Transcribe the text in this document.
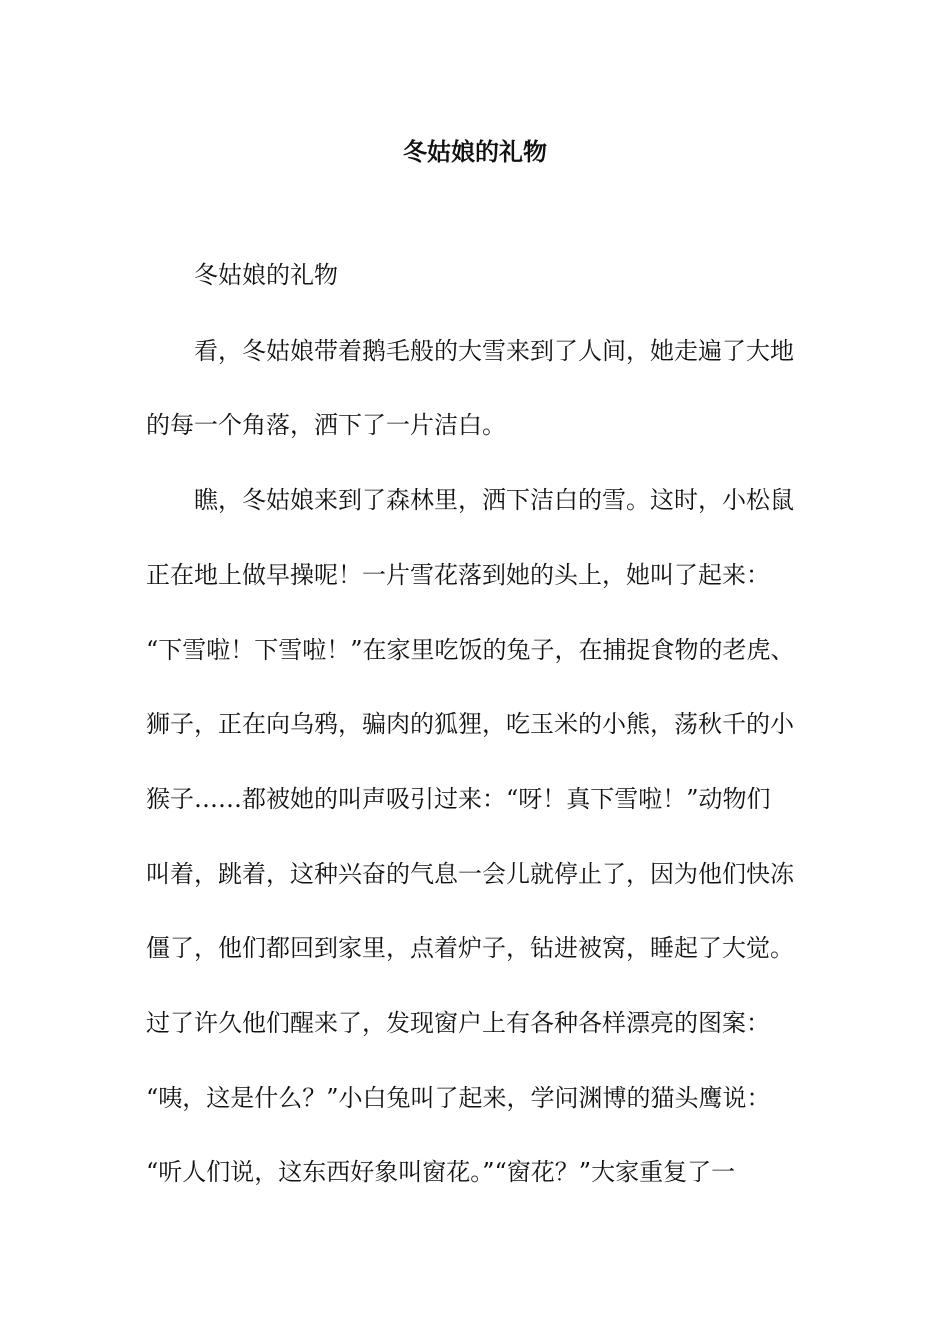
冬姑娘的礼物
冬姑娘的礼物
看，冬姑娘带着鹅毛般的大雪来到了人间，她走遍了大地
的每一个角落，洒下了一片洁白。
瞧，冬姑娘来到了森林里，洒下洁白的雪。这时，小松鼠
正在地上做早操呢！一片雪花落到她的头上，她叫了起来：
“下雪啦！下雪啦！”在家里吃饭的兔子，在捕捉食物的老虎、
狮子，正在向乌鸦，骗肉的狐狸，吃玉米的小熊，荡秋千的小
猴子……都被她的叫声吸引过来：“呀！真下雪啦！”动物们
叫着，跳着，这种兴奋的气息一会儿就停止了，因为他们快冻
僵了，他们都回到家里，点着炉子，钻进被窝，睡起了大觉。
过了许久他们醒来了，发现窗户上有各种各样漂亮的图案：
“咦，这是什么？”小白兔叫了起来，学问渊博的猫头鹰说：
“听人们说，这东西好象叫窗花。”“窗花？”大家重复了一
